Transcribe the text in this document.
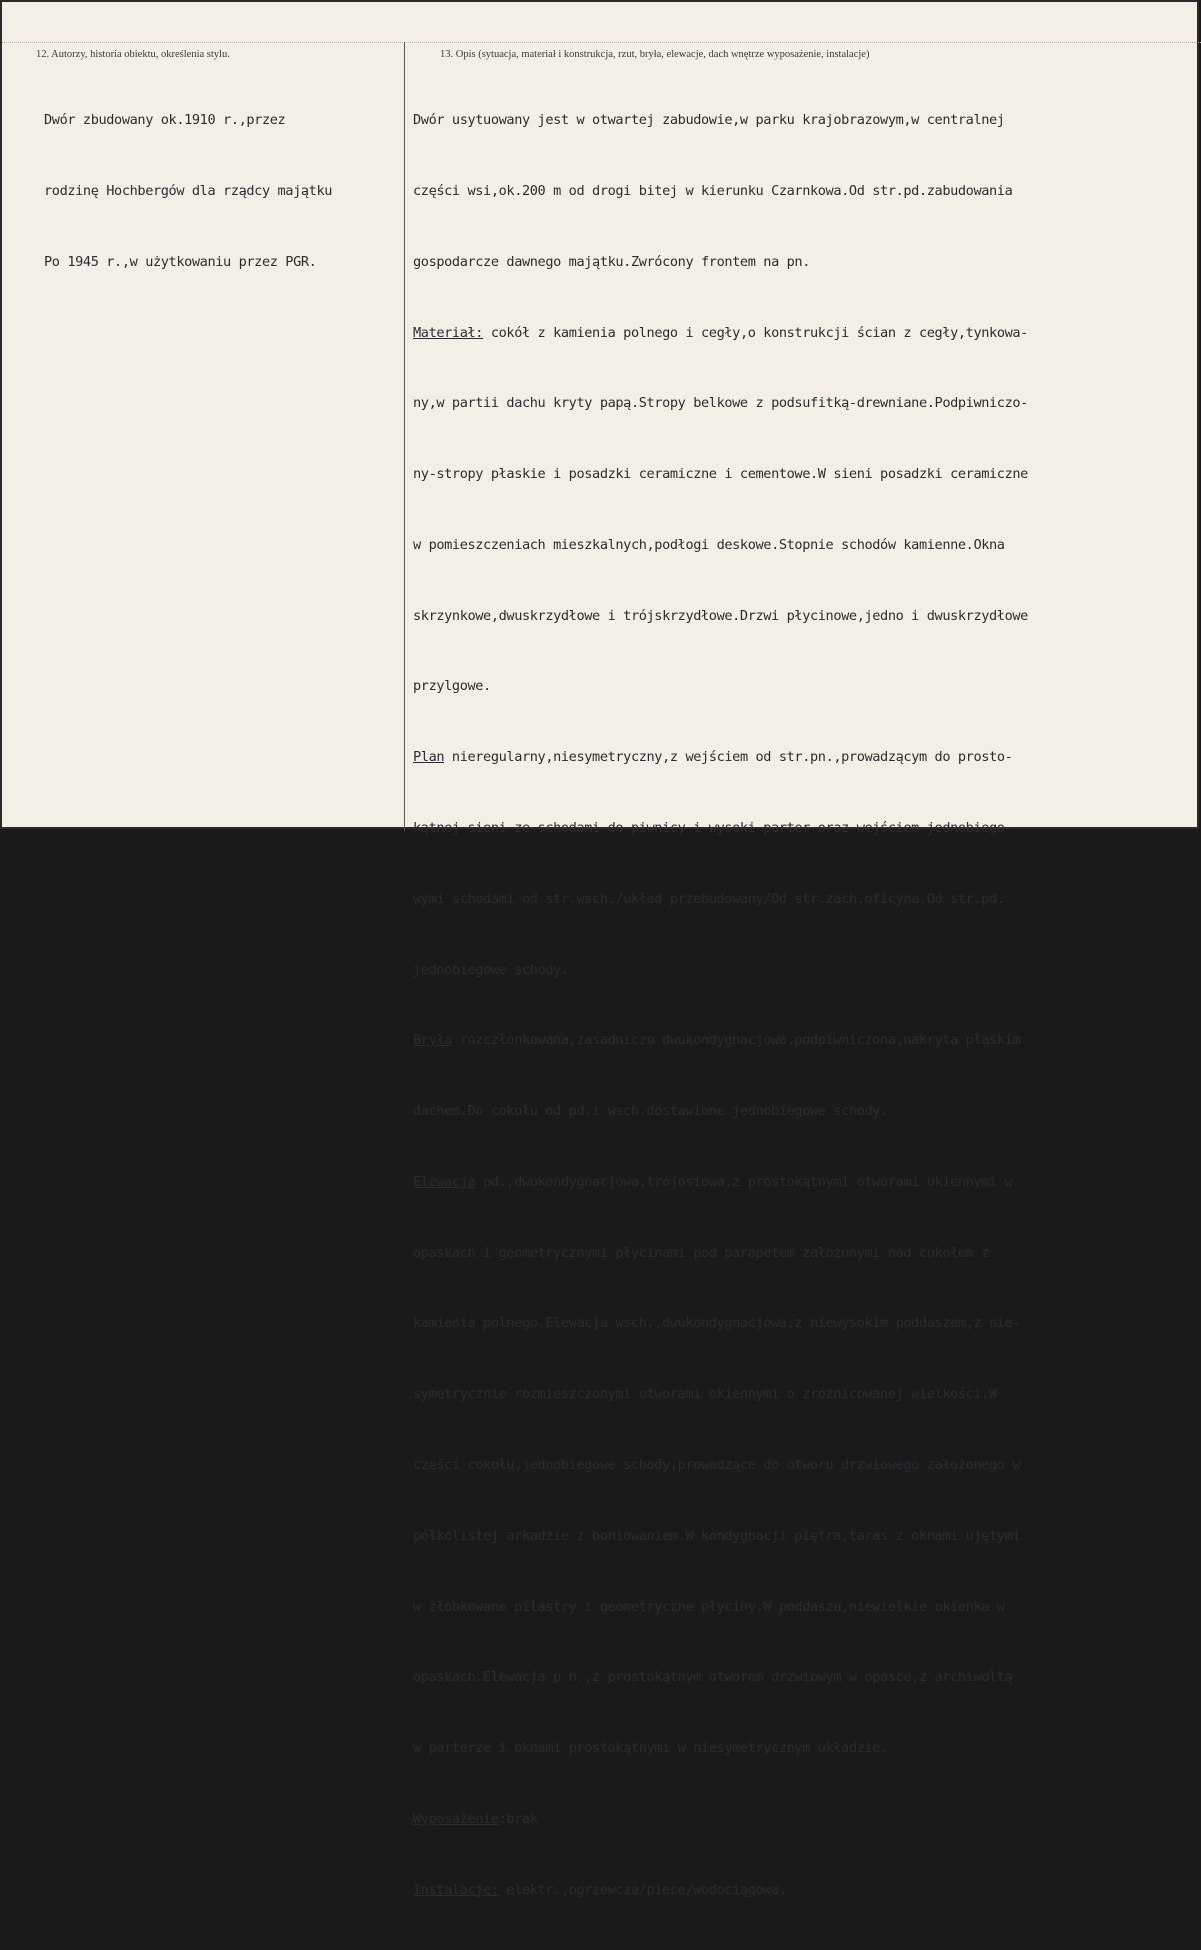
12. Autorzy, historia obiektu, określenia stylu.	13. Opis (sytuacja, materiał i konstrukcja, rzut, bryła, elewacje, dach wnętrze wyposażenie, instalacje)

Dwór zbudowany ok.1910 r.,przez

rodzinę Hochbergów dla rządcy majątku

Po 1945 r.,w użytkowaniu przez PGR.

Dwór usytuowany jest w otwartej zabudowie,w parku krajobrazowym,w centralnej

części wsi,ok.200 m od drogi bitej w kierunku Czarnkowa.Od str.pd.zabudowania

gospodarcze dawnego majątku.Zwrócony frontem na pn.

Materiał: cokół z kamienia polnego i cegły,o konstrukcji ścian z cegły,tynkowa-

ny,w partii dachu kryty papą.Stropy belkowe z podsufitką-drewniane.Podpiwniczo-

ny-stropy płaskie i posadzki ceramiczne i cementowe.W sieni posadzki ceramiczne

w pomieszczeniach mieszkalnych,podłogi deskowe.Stopnie schodów kamienne.Okna

skrzynkowe,dwuskrzydłowe i trójskrzydłowe.Drzwi płycinowe,jedno i dwuskrzydłowe

przylgowe.

Plan nieregularny,niesymetryczny,z wejściem od str.pn.,prowadzącym do prosto-

kątnej sieni ze schodami do piwnicy i wysoki parter oraz wejściem jednobiego-

wymi schodami od str.wsch./układ przebudowany/Od str.zach.oficyna.Od str.pd.

jednobiegowe schody.

Bryła rozczłonkowana,zasadniczo dwukondygnacjowa,podpiwniczona,nakryta płaskim

dachem.Do cokołu od pd.i wsch.dostawione jednobiegowe schody.

Elewacja pd.,dwukondygnacjowa,trójosiowa,z prostokątnymi otworami okiennymi w

opaskach i geometrycznymi płycinami pod parapetem założonymi nad cokołem z

kamienia polnego.Elewacja wsch.,dwukondygnacjowa,z niewysokim poddaszem,z nie-

symetrycznie rozmieszczonymi otworami okiennymi o zróżnicowanej wielkości.W

części cokołu,jednobiegowe schody,prowadzące do otworu drzwiowego założonego w

półkolistej arkadzie z boniowaniem.W kondygnacji piętra,taras z oknami ujętymi

w żłobkowane pilastry i geometryczne płyciny.W poddaszu,niewielkie okienka w

opaskach.Elewacja p n.,z prostokątnym otworem drzwiowym w opasce,z archiwoltą

w parterze i oknami prostokątnymi w niesymetrycznym układzie.

Wyposażenie:brak

Instalacje: elektr.,ogrzewcza/piece/wodociągowa.
